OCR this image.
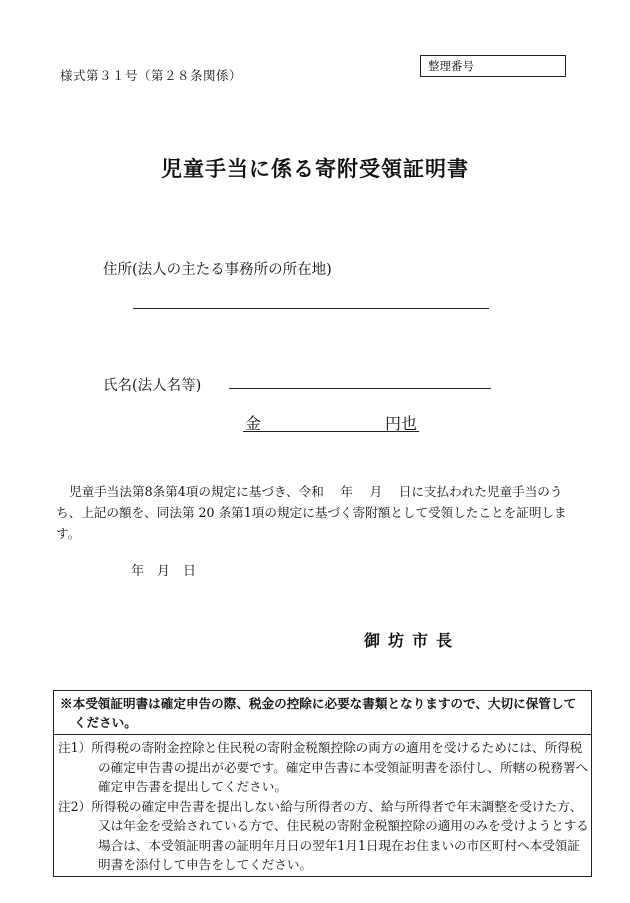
様式第３１号（第２８条関係）
整理番号
児童手当に係る寄附受領証明書
住所(法人の主たる事務所の所在地)
氏名(法人名等)
金	円也
児童手当法第8条第4項の規定に基づき、令和　 年 　月 　日に支払われた児童手当のうち、上記の額を、同法第 20 条第1項の規定に基づく寄附額として受領したことを証明します。
年　月　日
御坊市長
※本受領証明書は確定申告の際、税金の控除に必要な書類となりますので、大切に保管してください。
注1）所得税の寄附金控除と住民税の寄附金税額控除の両方の適用を受けるためには、所得税の確定申告書の提出が必要です。確定申告書に本受領証明書を添付し、所轄の税務署へ確定申告書を提出してください。
注2）所得税の確定申告書を提出しない給与所得者の方、給与所得者で年末調整を受けた方、又は年金を受給されている方で、住民税の寄附金税額控除の適用のみを受けようとする場合は、本受領証明書の証明年月日の翌年1月1日現在お住まいの市区町村へ本受領証明書を添付して申告をしてください。
